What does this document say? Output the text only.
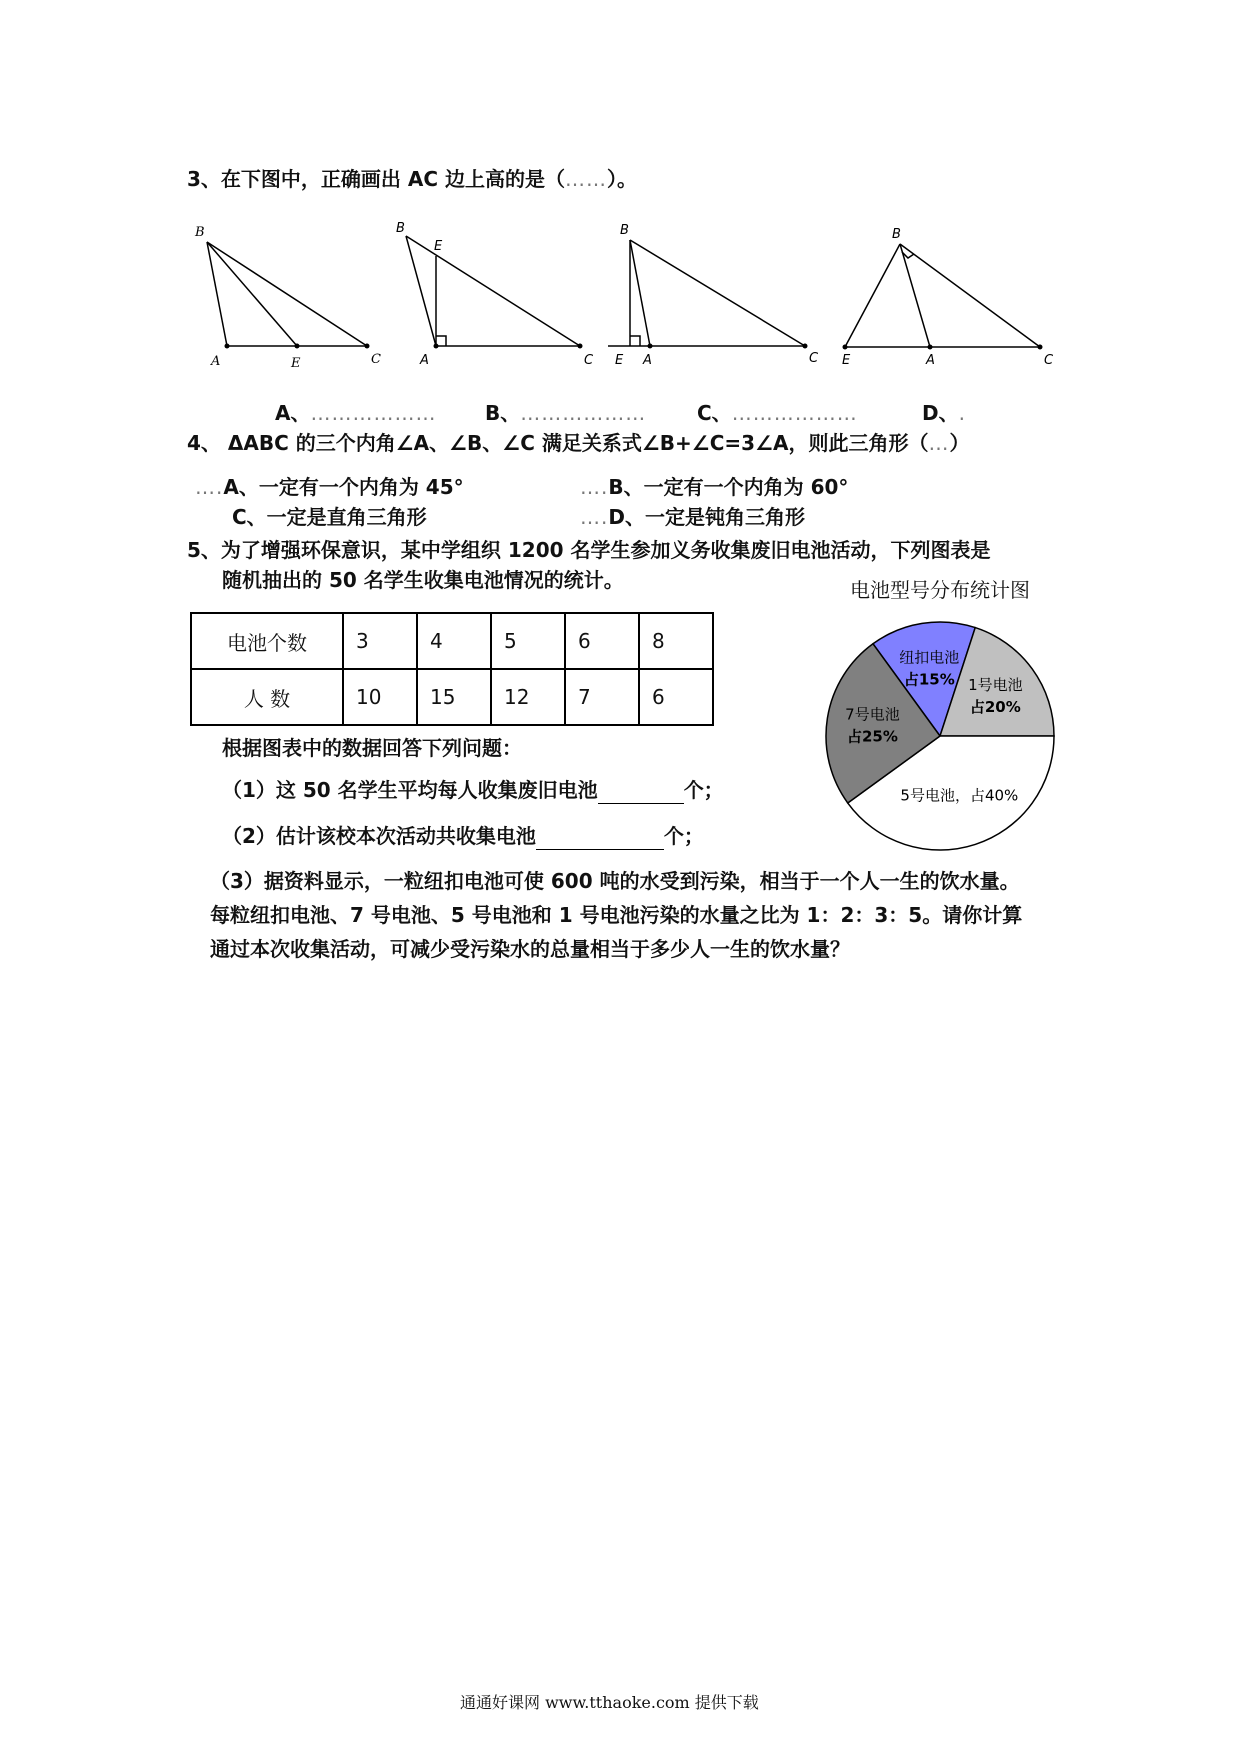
3、在下图中，正确画出 AC 边上高的是（……）。
B
A	E	C
B
E
A	C
B
E A	C
B
E	A	C
A、……………… B、………………	C、………………	D、.
4、 ΔABC 的三个内角∠A、∠B、∠C 满足关系式∠B+∠C=3∠A，则此三角形（…）
….A、一定有一个内角为 45°	….B、一定有一个内角为 60°
C、一定是直角三角形	….D、一定是钝角三角形
5、为了增强环保意识，某中学组织 1200 名学生参加义务收集废旧电池活动，下列图表是
随机抽出的 50 名学生收集电池情况的统计。
电池个数	3	4	5	6	8
人 数	10	15	12	7	6
电池型号分布统计图
纽扣电池
占15% 1号电池
占20%
5号电池，占40%
7号电池
占25%
根据图表中的数据回答下列问题：
（1）这 50 名学生平均每人收集废旧电池	个；
（2）估计该校本次活动共收集电池	个；
（3）据资料显示，一粒纽扣电池可使 600 吨的水受到污染，相当于一个人一生的饮水量。
每粒纽扣电池、7 号电池、5 号电池和 1 号电池污染的水量之比为 1：2：3：5。请你计算
通过本次收集活动，可减少受污染水的总量相当于多少人一生的饮水量？
通通好课网 www.tthaoke.com 提供下载
